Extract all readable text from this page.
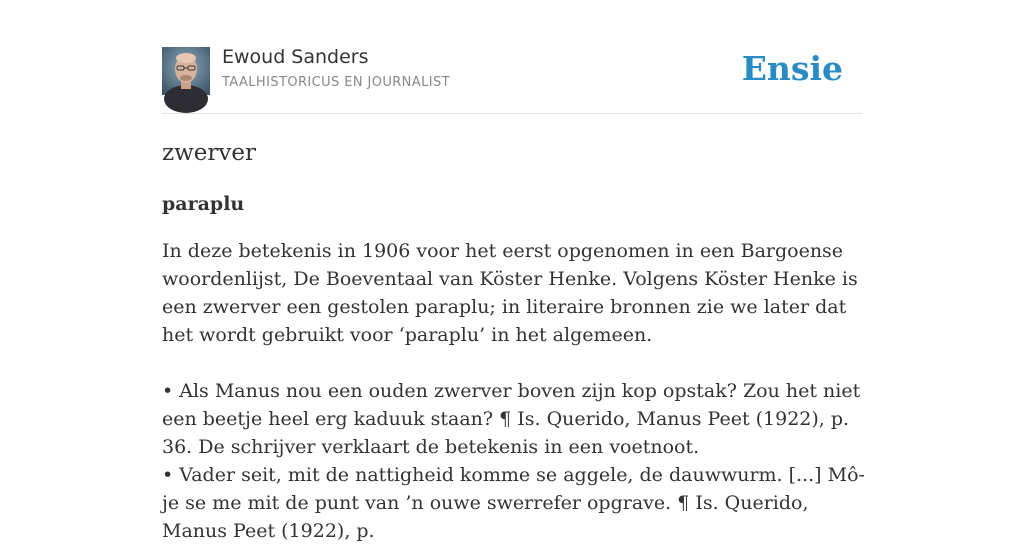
Ewoud Sanders
TAALHISTORICUS EN JOURNALIST	Ensie
zwerver
paraplu

In deze betekenis in 1906 voor het eerst opgenomen in een Bargoense woordenlijst, De Boeventaal van Köster Henke. Volgens Köster Henke is een zwerver een gestolen paraplu; in literaire bronnen zie we later dat het wordt gebruikt voor ‘paraplu’ in het algemeen.

• Als Manus nou een ouden zwerver boven zijn kop opstak? Zou het niet een beetje heel erg kaduuk staan? ¶ Is. Querido, Manus Peet (1922), p. 36. De schrijver verklaart de betekenis in een voetnoot.

• Vader seit, mit de nattigheid komme se aggele, de dauwwurm. [...] Mô-je se me mit de punt van ’n ouwe swerrefer opgrave. ¶ Is. Querido, Manus Peet (1922), p.
